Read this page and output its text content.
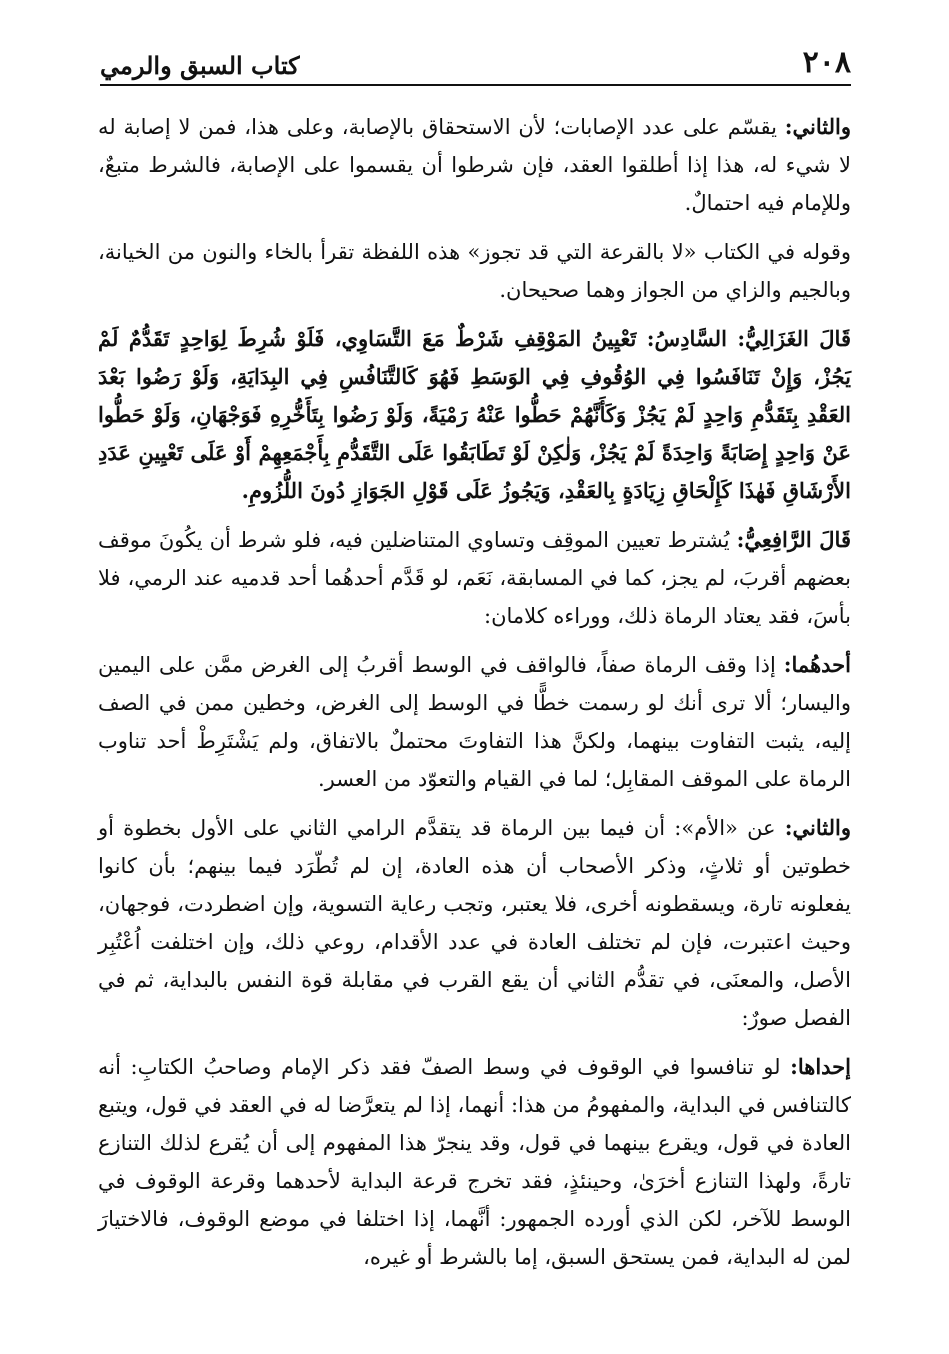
٢٠٨
كتاب السبق والرمي

والثاني: يقسّم على عدد الإصابات؛ لأن الاستحقاق بالإصابة، وعلى هذا، فمن لا إصابة له لا شيء له، هذا إذا أطلقوا العقد، فإن شرطوا أن يقسموا على الإصابة، فالشرط متبعٌ، وللإمام فيه احتمالٌ.

وقوله في الكتاب «لا بالقرعة التي قد تجوز» هذه اللفظة تقرأ بالخاء والنون من الخيانة، وبالجيم والزاي من الجواز وهما صحيحان.

قَالَ الغَزَالِيُّ: السَّادِسُ: تَعْيِينُ المَوْقِفِ شَرْطٌ مَعَ التَّسَاوِي، فَلَوْ شُرِطَ لِوَاحِدٍ تَقَدُّمٌ لَمْ يَجُزْ، وَإِنْ تَنَافَسُوا فِي الوُقُوفِ فِي الوَسَطِ فَهُوَ كَالتَّنَافُسِ فِي البِدَايَةِ، وَلَوْ رَضُوا بَعْدَ العَقْدِ بِتَقَدُّمِ وَاحِدٍ لَمْ يَجُزْ وَكَأَنَّهُمْ حَطُّوا عَنْهُ رَمْيَةً، وَلَوْ رَضُوا بِتَأَخُّرِهِ فَوَجْهَانِ، وَلَوْ حَطُّوا عَنْ وَاحِدٍ إِصَابَةً وَاحِدَةً لَمْ يَجُزْ، وَلٰكِنْ لَوْ تَطَابَقُوا عَلَى التَّقَدُّمِ بِأَجْمَعِهِمْ أَوْ عَلَى تَعْيِينِ عَدَدِ الأَرْشَاقِ فَهٰذَا كَإِلْحَاقِ زِيَادَةٍ بِالعَقْدِ، وَيَجُوزُ عَلَى قَوْلِ الجَوَازِ دُونَ اللُّزُومِ.

قَالَ الرَّافِعِيُّ: يُشترط تعيين الموقِف وتساوي المتناضلين فيه، فلو شرط أن يكُونَ موقف بعضهم أقربَ، لم يجز، كما في المسابقة، نَعَم، لو قَدَّم أحدهُما أحد قدميه عند الرمي، فلا بأسَ، فقد يعتاد الرماة ذلك، ووراءه كلامان:

أحدهُما: إذا وقف الرماة صفاً، فالواقف في الوسط أقربُ إلى الغرض ممَّن على اليمين واليسار؛ ألا ترى أنك لو رسمت خطًّا في الوسط إلى الغرض، وخطين ممن في الصف إليه، يثبت التفاوت بينهما، ولكنَّ هذا التفاوتَ محتملٌ بالاتفاق، ولم يَشْتَرِطْ أحد تناوب الرماة على الموقف المقابِل؛ لما في القيام والتعوّد من العسر.

والثاني: عن «الأم»: أن فيما بين الرماة قد يتقدَّم الرامي الثاني على الأول بخطوة أو خطوتين أو ثلاثٍ، وذكر الأصحاب أن هذه العادة، إن لم تُطّرَد فيما بينهم؛ بأن كانوا يفعلونه تارة، ويسقطونه أخرى، فلا يعتبر، وتجب رعاية التسوية، وإن اضطردت، فوجهان، وحيث اعتبرت، فإن لم تختلف العادة في عدد الأقدام، روعي ذلك، وإن اختلفت اُعْتُبِر الأصل، والمعنَى، في تقدُّم الثاني أن يقع القرب في مقابلة قوة النفس بالبداية، ثم في الفصل صورٌ:

إحداها: لو تنافسوا في الوقوف في وسط الصفّ فقد ذكر الإمام وصاحبُ الكتابِ: أنه كالتنافس في البداية، والمفهومُ من هذا: أنهما، إذا لم يتعرَّضا له في العقد في قول، ويتبع العادة في قول، ويقرع بينهما في قول، وقد ينجرّ هذا المفهوم إلى أن يُقرع لذلك التنازع تارةً، ولهذا التنازع أخرَىٰ، وحينئذٍ، فقد تخرج قرعة البداية لأحدهما وقرعة الوقوف في الوسط للآخر، لكن الذي أورده الجمهور: أنَّهما، إذا اختلفا في موضع الوقوف، فالاختيارَ لمن له البداية، فمن يستحق السبق، إما بالشرط أو غيره،
